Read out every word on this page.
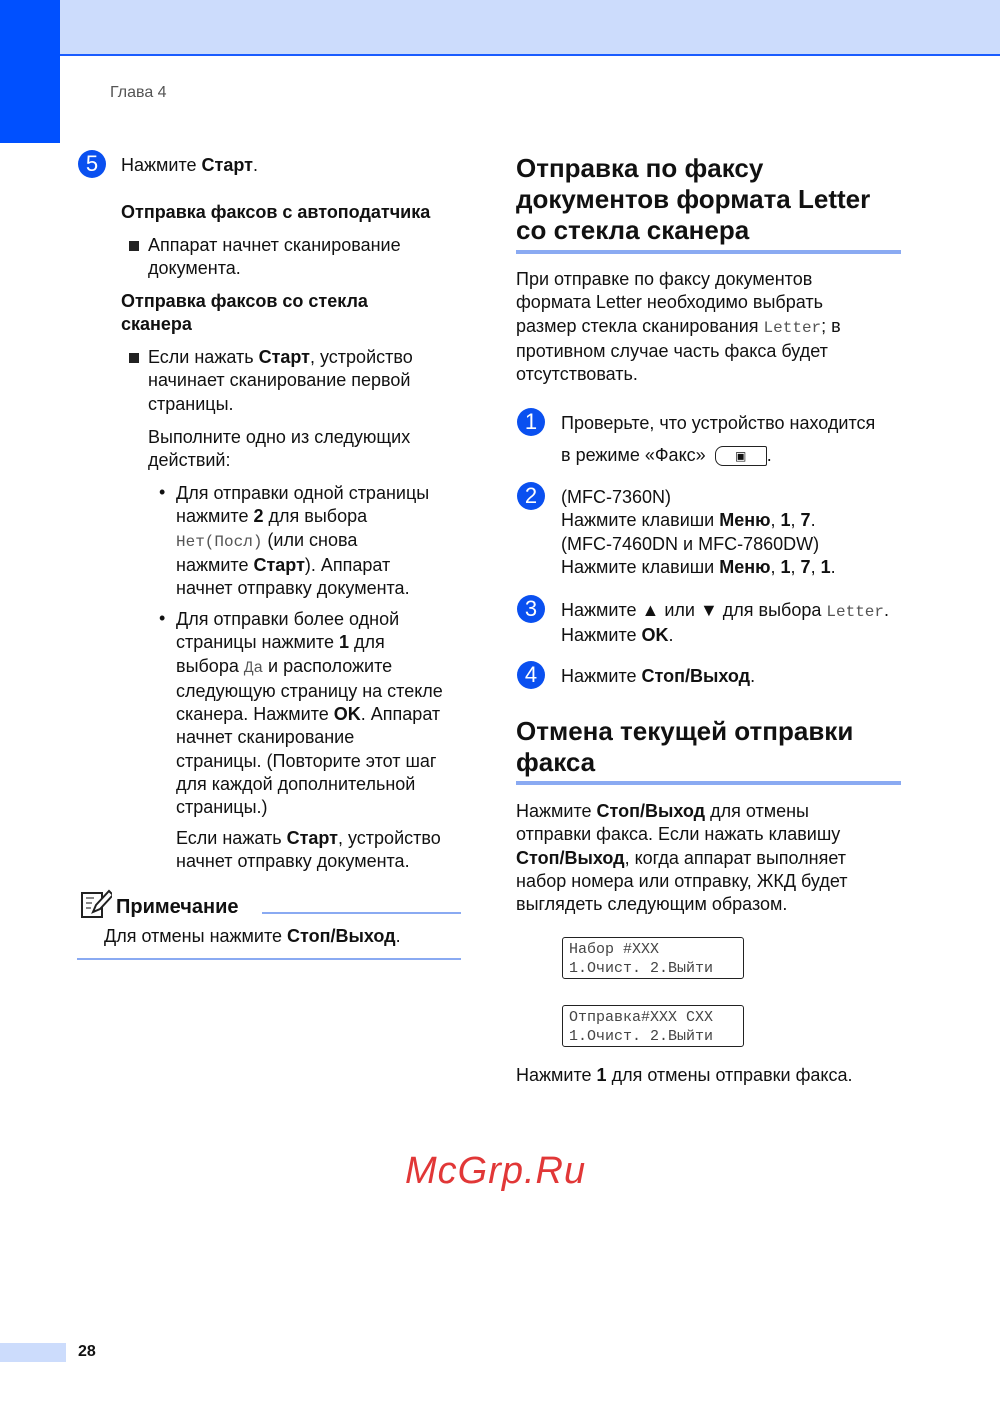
Глава 4
5	Нажмите Старт.
Отправка факсов с автоподатчика
Аппарат начнет сканирование
документа.
Отправка факсов со стекла
сканера
Если нажать Старт, устройство
начинает сканирование первой
страницы.
Выполните одно из следующих
действий:
• Для отправки одной страницы
нажмите 2 для выбора
Нет(Посл) (или снова
нажмите Старт). Аппарат
начнет отправку документа.
• Для отправки более одной
страницы нажмите 1 для
выбора Да и расположите
следующую страницу на стекле
сканера. Нажмите OK. Аппарат
начнет сканирование
страницы. (Повторите этот шаг
для каждой дополнительной
страницы.)
Если нажать Старт, устройство
начнет отправку документа.
Примечание
Для отмены нажмите Стоп/Выход.
Отправка по факсу
документов формата Letter
со стекла сканера
При отправке по факсу документов
формата Letter необходимо выбрать
размер стекла сканирования Letter; в
противном случае часть факса будет
отсутствовать.
1	Проверьте, что устройство находится
в режиме «Факс» ▣ .
2	(MFC-7360N)
Нажмите клавиши Меню, 1, 7.
(MFC-7460DN и MFC-7860DW)
Нажмите клавиши Меню, 1, 7, 1.
3	Нажмите ▲ или ▼ для выбора Letter.
Нажмите OK.
4	Нажмите Стоп/Выход.
Отмена текущей отправки
факса
Нажмите Стоп/Выход для отмены
отправки факса. Если нажать клавишу
Стоп/Выход, когда аппарат выполняет
набор номера или отправку, ЖКД будет
выглядеть следующим образом.
Набор #XXX
1.Очист. 2.Выйти
Отправка#XXX CXX
1.Очист. 2.Выйти
Нажмите 1 для отмены отправки факса.
McGrp.Ru
28
